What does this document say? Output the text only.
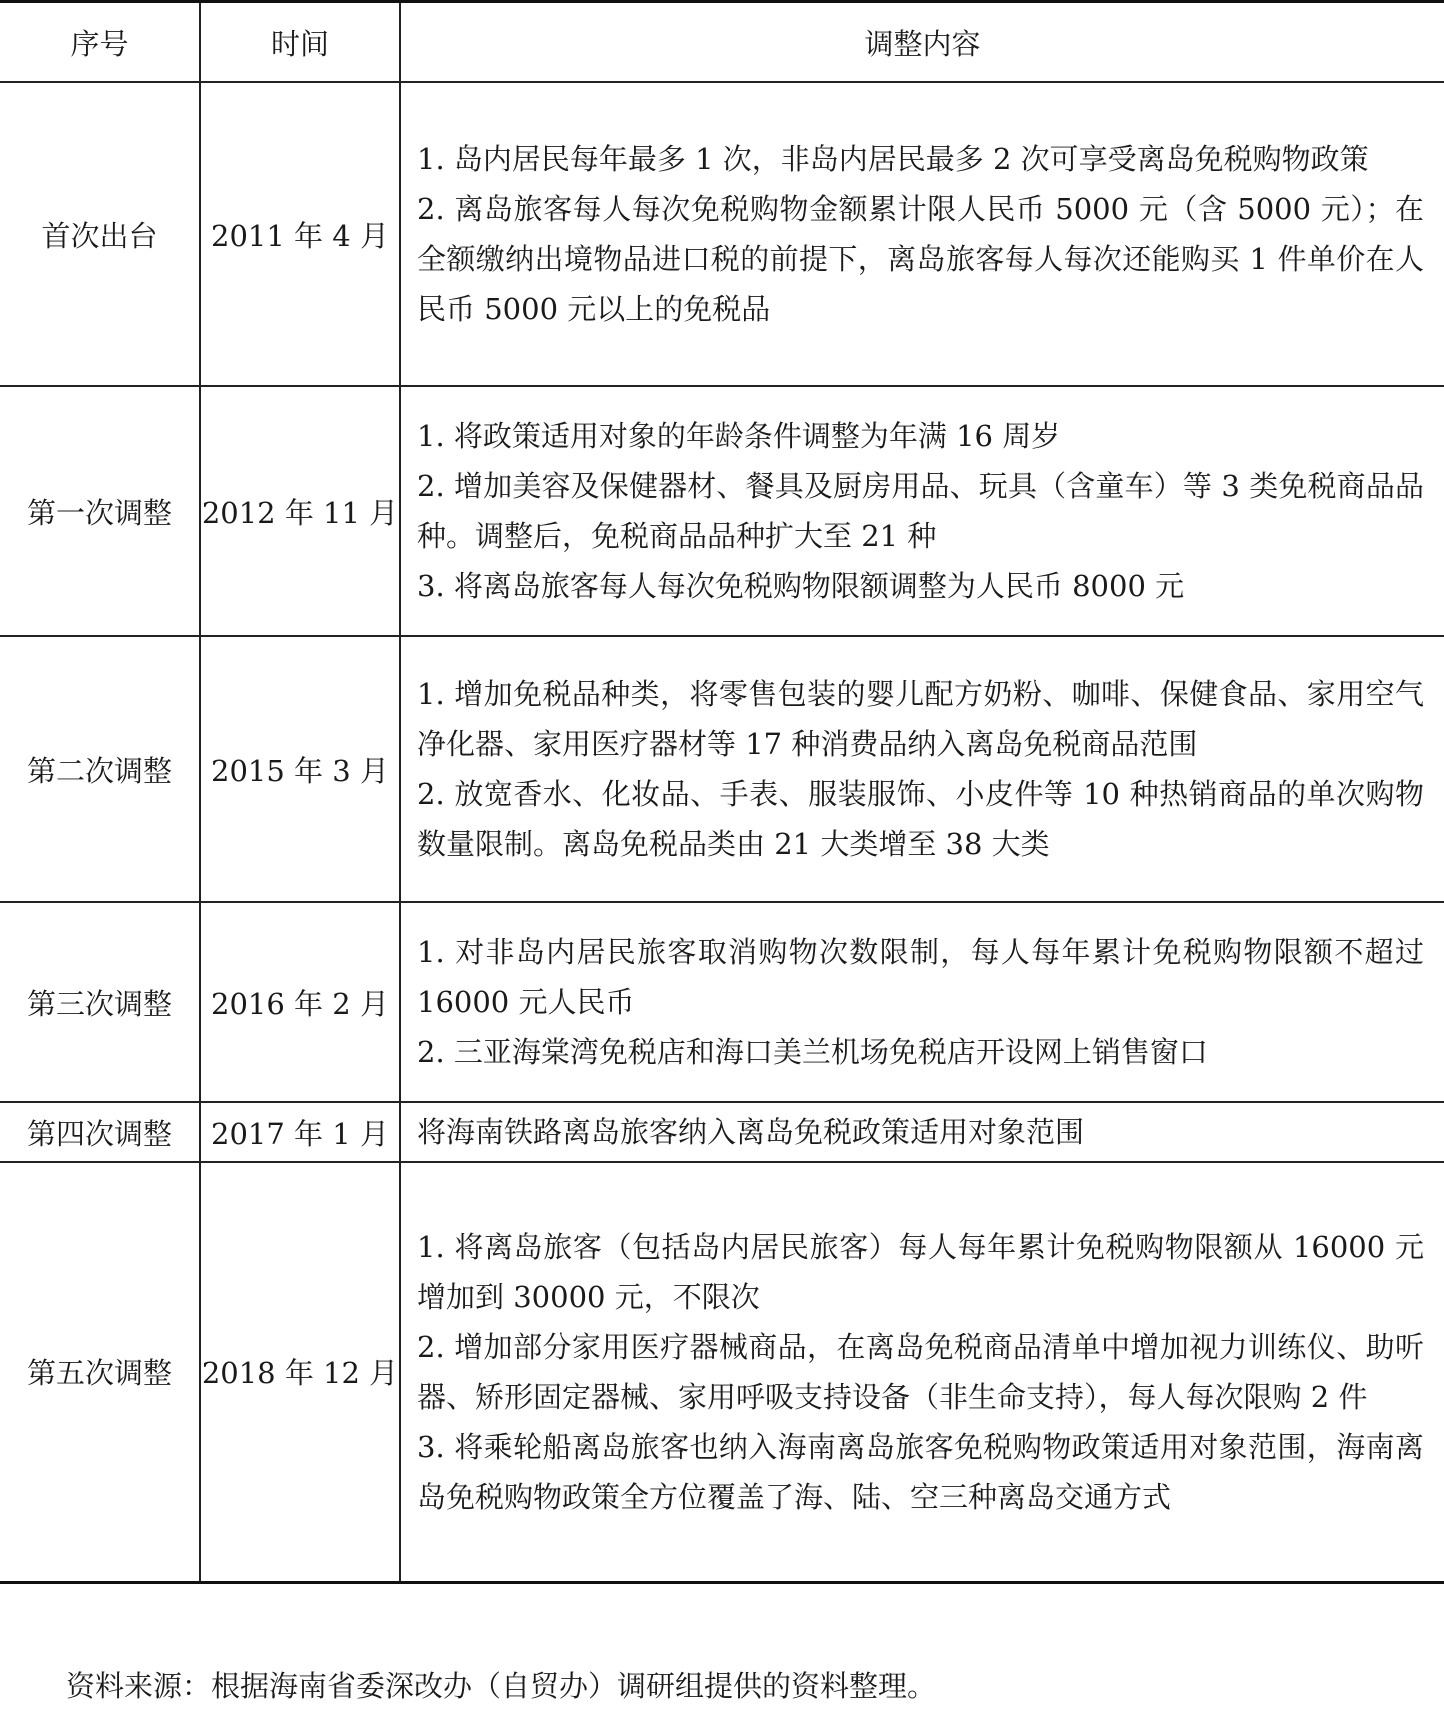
序号	时间	调整内容
首次出台	2011 年 4 月	1. 岛内居民每年最多 1 次，非岛内居民最多 2 次可享受离岛免税购物政策
2. 离岛旅客每人每次免税购物金额累计限人民币 5000 元（含 5000 元）；在全额缴纳出境物品进口税的前提下，离岛旅客每人每次还能购买 1 件单价在人民币 5000 元以上的免税品

第一次调整	2012 年 11 月	1. 将政策适用对象的年龄条件调整为年满 16 周岁
2. 增加美容及保健器材、餐具及厨房用品、玩具（含童车）等 3 类免税商品品种。调整后，免税商品品种扩大至 21 种
3. 将离岛旅客每人每次免税购物限额调整为人民币 8000 元

第二次调整	2015 年 3 月	1. 增加免税品种类，将零售包装的婴儿配方奶粉、咖啡、保健食品、家用空气净化器、家用医疗器材等 17 种消费品纳入离岛免税商品范围
2. 放宽香水、化妆品、手表、服装服饰、小皮件等 10 种热销商品的单次购物数量限制。离岛免税品类由 21 大类增至 38 大类

第三次调整	2016 年 2 月	1. 对非岛内居民旅客取消购物次数限制，每人每年累计免税购物限额不超过 16000 元人民币
2. 三亚海棠湾免税店和海口美兰机场免税店开设网上销售窗口

第四次调整	2017 年 1 月	将海南铁路离岛旅客纳入离岛免税政策适用对象范围

第五次调整	2018 年 12 月	1. 将离岛旅客（包括岛内居民旅客）每人每年累计免税购物限额从 16000 元增加到 30000 元，不限次
2. 增加部分家用医疗器械商品，在离岛免税商品清单中增加视力训练仪、助听器、矫形固定器械、家用呼吸支持设备（非生命支持），每人每次限购 2 件
3. 将乘轮船离岛旅客也纳入海南离岛旅客免税购物政策适用对象范围，海南离岛免税购物政策全方位覆盖了海、陆、空三种离岛交通方式
资料来源：根据海南省委深改办（自贸办）调研组提供的资料整理。
